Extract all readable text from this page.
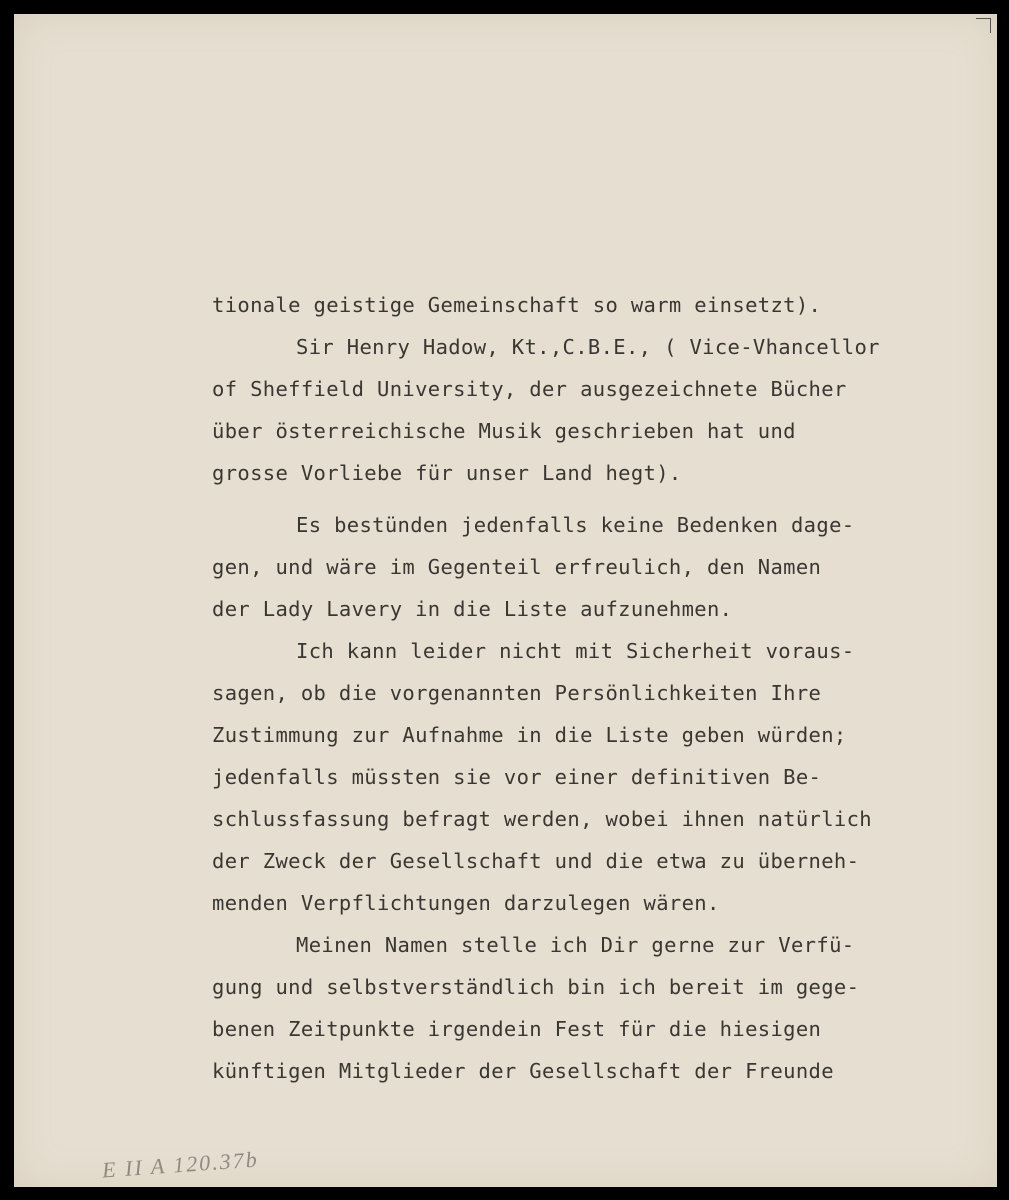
tionale geistige Gemeinschaft so warm einsetzt).
Sir Henry Hadow, Kt.,C.B.E., ( Vice-Vhancellor
of Sheffield University, der ausgezeichnete Bücher
über österreichische Musik geschrieben hat und
grosse Vorliebe für unser Land hegt).
Es bestünden jedenfalls keine Bedenken dage-
gen, und wäre im Gegenteil erfreulich, den Namen
der Lady Lavery in die Liste aufzunehmen.
Ich kann leider nicht mit Sicherheit voraus-
sagen, ob die vorgenannten Persönlichkeiten Ihre
Zustimmung zur Aufnahme in die Liste geben würden;
jedenfalls müssten sie vor einer definitiven Be-
schlussfassung befragt werden, wobei ihnen natürlich
der Zweck der Gesellschaft und die etwa zu überneh-
menden Verpflichtungen darzulegen wären.
Meinen Namen stelle ich Dir gerne zur Verfü-
gung und selbstverständlich bin ich bereit im gege-
benen Zeitpunkte irgendein Fest für die hiesigen
künftigen Mitglieder der Gesellschaft der Freunde
E II A 120.37b
